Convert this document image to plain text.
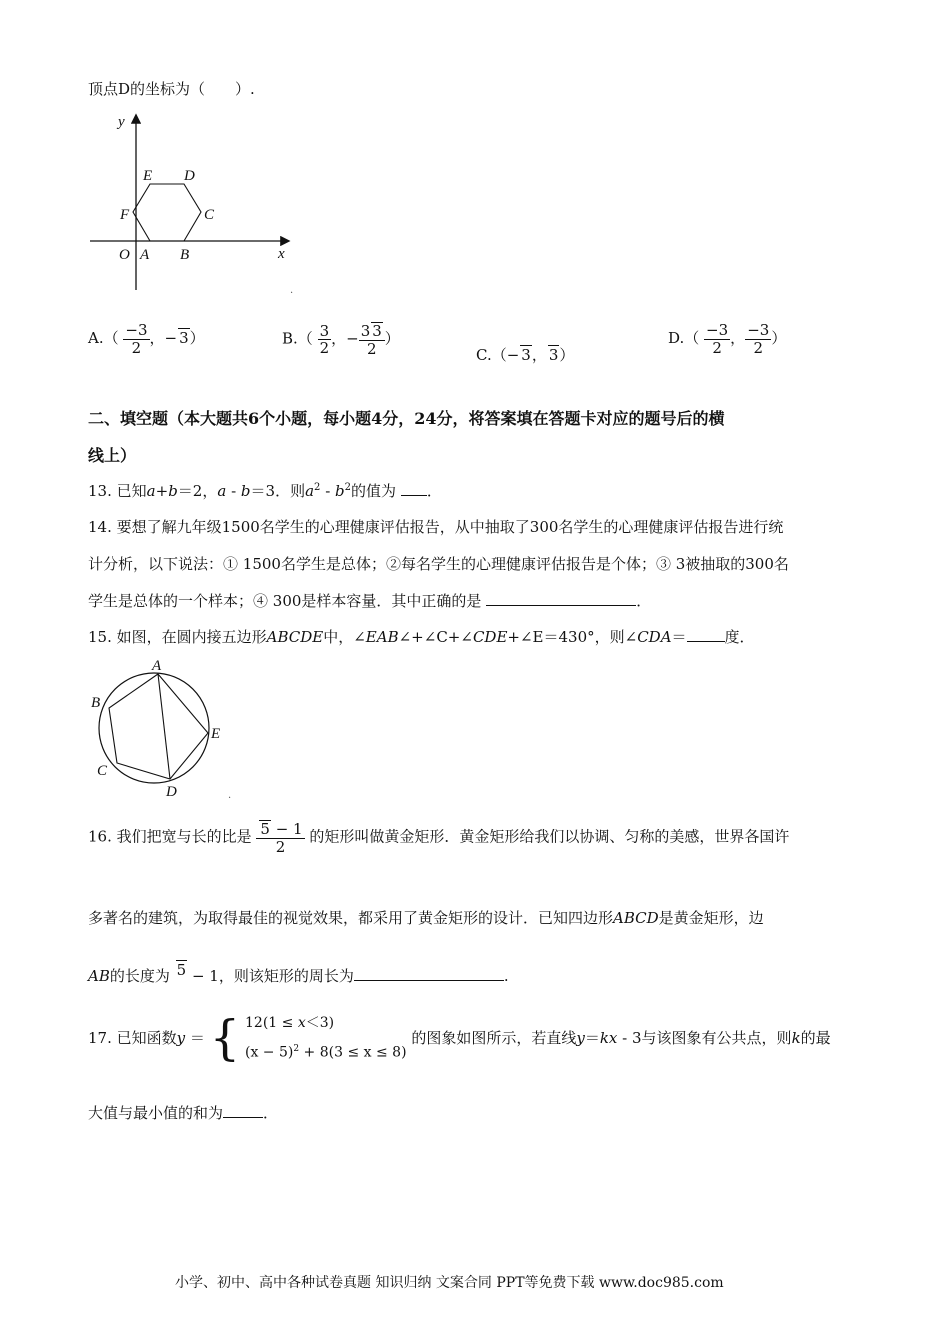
顶点D的坐标为（　　）.
y
x
O A B
C
D
E
F
.
$A.( \frac{-3}{2}$ ，− 3）	$B.( \frac{3}{2}$ ，− $\frac{3 3}{2}$ ）
C.（− 3， 3）
$D.( \frac{-3}{2}$ ， $\frac{-3}{2}$ ）
二、填空题（本大题共6个小题，每小题4分，24分，将答案填在答题卡对应的题号后的横
线上）
13. 已知a+b＝2，a - b＝3．则$a^2 - b^2$的值为 ．
14. 要想了解九年级1500名学生的心理健康评估报告，从中抽取了300名学生的心理健康评估报告进行统
计分析，以下说法：① 1500名学生是总体；②每名学生的心理健康评估报告是个体；③ 3被抽取的300名
学生是总体的一个样本；④ 300是样本容量．其中正确的是	．
15. 如图，在圆内接五边形ABCDE中，∠EAB∠+∠C+∠CDE+∠E＝430°，则∠CDA＝	度．
A
B
C
D
E
.
16. 我们把宽与长的比是 $\frac{5 - 1}{2}$ 的矩形叫做黄金矩形．黄金矩形给我们以协调、匀称的美感，世界各国许
多著名的建筑，为取得最佳的视觉效果，都采用了黄金矩形的设计．已知四边形ABCD是黄金矩形，边
AB的长度为 5 − 1，则该矩形的周长为	.
17. 已知函数y ＝ { 12(1 ≤ x＜3)
$(x - 5)^2 + 8(3 \le x \le 8)$
的图象如图所示，若直线y＝kx - 3与该图象有公共点，则k的最
大值与最小值的和为	．
小学、初中、高中各种试卷真题 知识归纳 文案合同 PPT等免费下载 www.doc985.com
